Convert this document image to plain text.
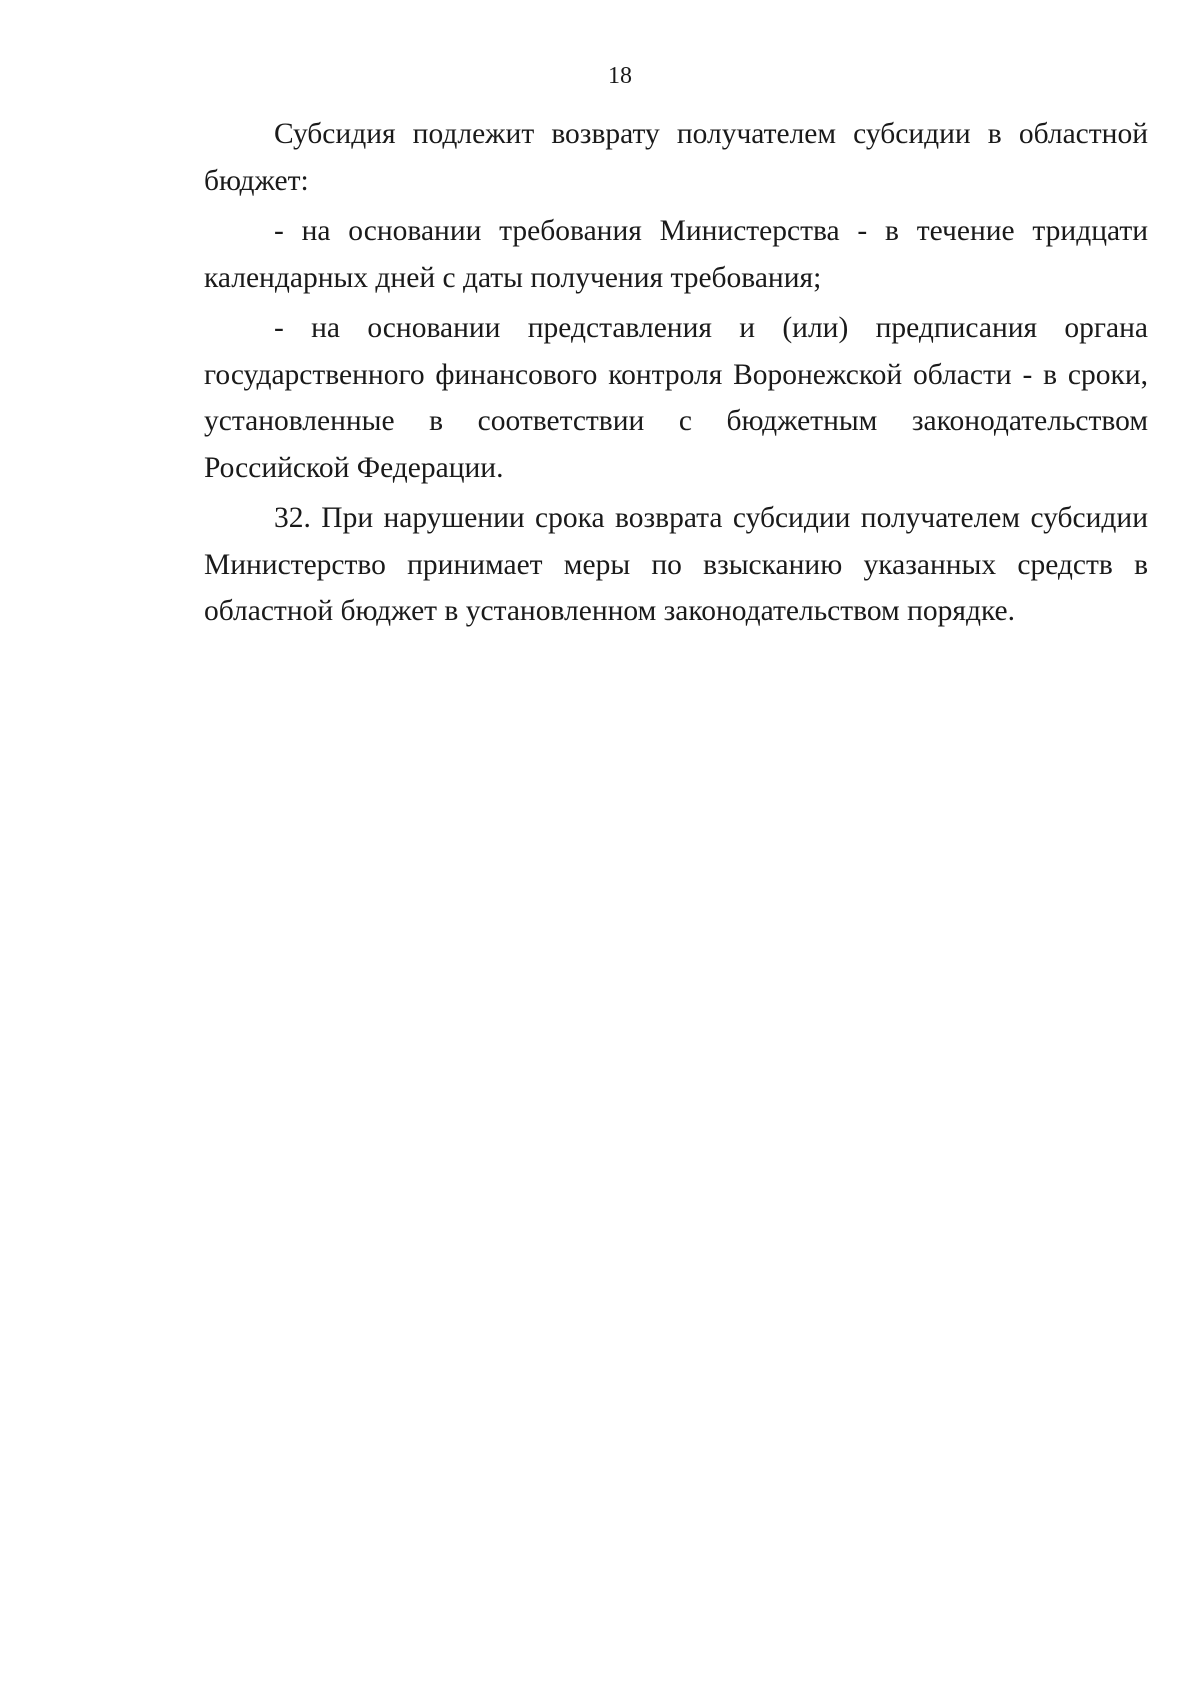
18

Субсидия подлежит возврату получателем субсидии в областной бюджет:

- на основании требования Министерства - в течение тридцати календарных дней с даты получения требования;

- на основании представления и (или) предписания органа государственного финансового контроля Воронежской области - в сроки, установленные в соответствии с бюджетным законодательством Российской Федерации.

32. При нарушении срока возврата субсидии получателем субсидии Министерство принимает меры по взысканию указанных средств в областной бюджет в установленном законодательством порядке.
